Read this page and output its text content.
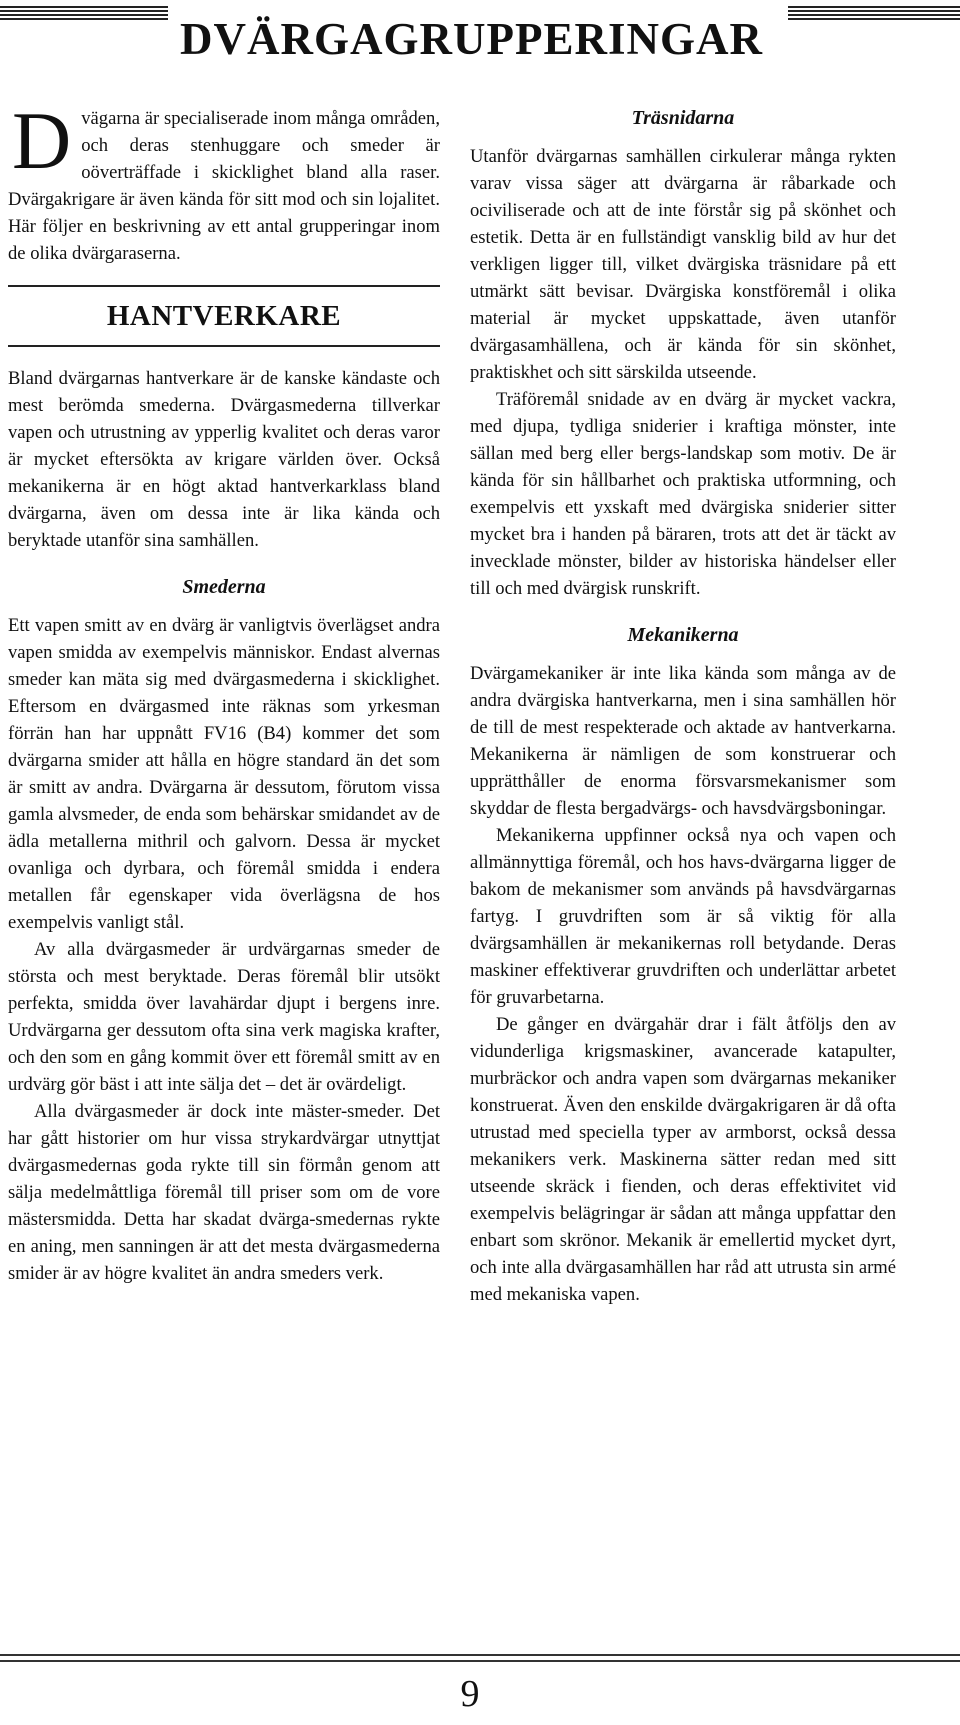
DVÄRGAGRUPPERINGAR

Dvägarna är specialiserade inom många områden, och deras stenhuggare och smeder är oöverträffade i skicklighet bland alla raser. Dvärgakrigare är även kända för sitt mod och sin lojalitet. Här följer en beskrivning av ett antal grupperingar inom de olika dvärgaraserna.

HANTVERKARE

Bland dvärgarnas hantverkare är de kanske kändaste och mest berömda smederna. Dvärgasmederna tillverkar vapen och utrustning av ypperlig kvalitet och deras varor är mycket eftersökta av krigare världen över. Också mekanikerna är en högt aktad hantverkarklass bland dvärgarna, även om dessa inte är lika kända och beryktade utanför sina samhällen.

Smederna

Ett vapen smitt av en dvärg är vanligtvis överlägset andra vapen smidda av exempelvis människor. Endast alvernas smeder kan mäta sig med dvärgasmederna i skicklighet. Eftersom en dvärgasmed inte räknas som yrkesman förrän han har uppnått FV16 (B4) kommer det som dvärgarna smider att hålla en högre standard än det som är smitt av andra. Dvärgarna är dessutom, förutom vissa gamla alvsmeder, de enda som behärskar smidandet av de ädla metallerna mithril och galvorn. Dessa är mycket ovanliga och dyrbara, och föremål smidda i endera metallen får egenskaper vida överlägsna de hos exempelvis vanligt stål.

Av alla dvärgasmeder är urdvärgarnas smeder de största och mest beryktade. Deras föremål blir utsökt perfekta, smidda över lavahärdar djupt i bergens inre. Urdvärgarna ger dessutom ofta sina verk magiska krafter, och den som en gång kommit över ett föremål smitt av en urdvärg gör bäst i att inte sälja det – det är ovärdeligt.

Alla dvärgasmeder är dock inte mäster-smeder. Det har gått historier om hur vissa strykardvärgar utnyttjat dvärgasmedernas goda rykte till sin förmån genom att sälja medelmåttliga föremål till priser som om de vore mästersmidda. Detta har skadat dvärga-smedernas rykte en aning, men sanningen är att det mesta dvärgasmederna smider är av högre kvalitet än andra smeders verk.

Träsnidarna

Utanför dvärgarnas samhällen cirkulerar många rykten varav vissa säger att dvärgarna är råbarkade och ociviliserade och att de inte förstår sig på skönhet och estetik. Detta är en fullständigt vansklig bild av hur det verkligen ligger till, vilket dvärgiska träsnidare på ett utmärkt sätt bevisar. Dvärgiska konstföremål i olika material är mycket uppskattade, även utanför dvärgasamhällena, och är kända för sin skönhet, praktiskhet och sitt särskilda utseende.

Träföremål snidade av en dvärg är mycket vackra, med djupa, tydliga sniderier i kraftiga mönster, inte sällan med berg eller bergs-landskap som motiv. De är kända för sin hållbarhet och praktiska utformning, och exempelvis ett yxskaft med dvärgiska sniderier sitter mycket bra i handen på bäraren, trots att det är täckt av invecklade mönster, bilder av historiska händelser eller till och med dvärgisk runskrift.

Mekanikerna

Dvärgamekaniker är inte lika kända som många av de andra dvärgiska hantverkarna, men i sina samhällen hör de till de mest respekterade och aktade av hantverkarna. Mekanikerna är nämligen de som konstruerar och upprätthåller de enorma försvarsmekanismer som skyddar de flesta bergadvärgs- och havsdvärgsboningar.

Mekanikerna uppfinner också nya och vapen och allmännyttiga föremål, och hos havs-dvärgarna ligger de bakom de mekanismer som används på havsdvärgarnas fartyg. I gruvdriften som är så viktig för alla dvärgsamhällen är mekanikernas roll betydande. Deras maskiner effektiverar gruvdriften och underlättar arbetet för gruvarbetarna.

De gånger en dvärgahär drar i fält åtföljs den av vidunderliga krigsmaskiner, avancerade katapulter, murbräckor och andra vapen som dvärgarnas mekaniker konstruerat. Även den enskilde dvärgakrigaren är då ofta utrustad med speciella typer av armborst, också dessa mekanikers verk. Maskinerna sätter redan med sitt utseende skräck i fienden, och deras effektivitet vid exempelvis belägringar är sådan att många uppfattar den enbart som skrönor. Mekanik är emellertid mycket dyrt, och inte alla dvärgasamhällen har råd att utrusta sin armé med mekaniska vapen.

9
